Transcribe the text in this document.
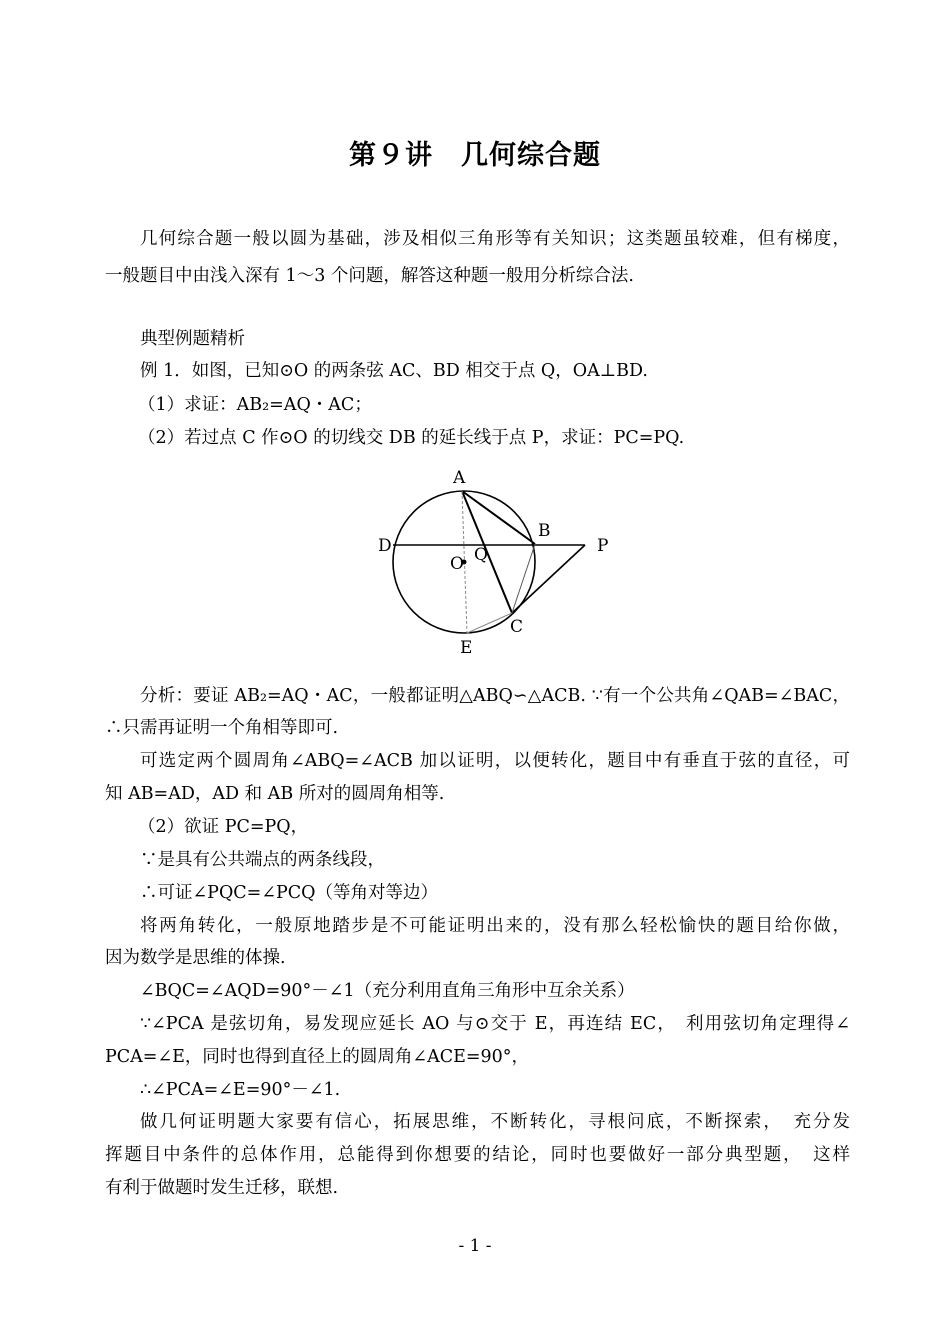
第９讲　几何综合题
几何综合题一般以圆为基础，涉及相似三角形等有关知识；这类题虽较难，但有梯度，
一般题目中由浅入深有 1～3 个问题，解答这种题一般用分析综合法.
典型例题精析
例 1．如图，已知⊙O 的两条弦 AC、BD 相交于点 Q，OA⊥BD.
（1）求证：AB₂=AQ・AC；
（2）若过点 C 作⊙O 的切线交 DB 的延长线于点 P，求证：PC=PQ.
A
B
C
D
E
O
P
Q
分析：要证 AB₂=AQ・AC，一般都证明△ABQ∽△ACB. ∵有一个公共角∠QAB=∠BAC，
∴只需再证明一个角相等即可.
可选定两个圆周角∠ABQ=∠ACB 加以证明，以便转化，题目中有垂直于弦的直径，可
知 AB=AD，AD 和 AB 所对的圆周角相等.
（2）欲证 PC=PQ，
∵是具有公共端点的两条线段，
∴可证∠PQC=∠PCQ（等角对等边）
将两角转化，一般原地踏步是不可能证明出来的，没有那么轻松愉快的题目给你做，
因为数学是思维的体操.
∠BQC=∠AQD=90°－∠1（充分利用直角三角形中互余关系）
∵∠PCA 是弦切角，易发现应延长 AO 与⊙交于 E，再连结 EC，　利用弦切角定理得∠
PCA=∠E，同时也得到直径上的圆周角∠ACE=90°，
∴∠PCA=∠E=90°－∠1.
做几何证明题大家要有信心，拓展思维，不断转化，寻根问底，不断探索，　充分发
挥题目中条件的总体作用，总能得到你想要的结论，同时也要做好一部分典型题，　这样
有利于做题时发生迁移，联想.
- 1 -
